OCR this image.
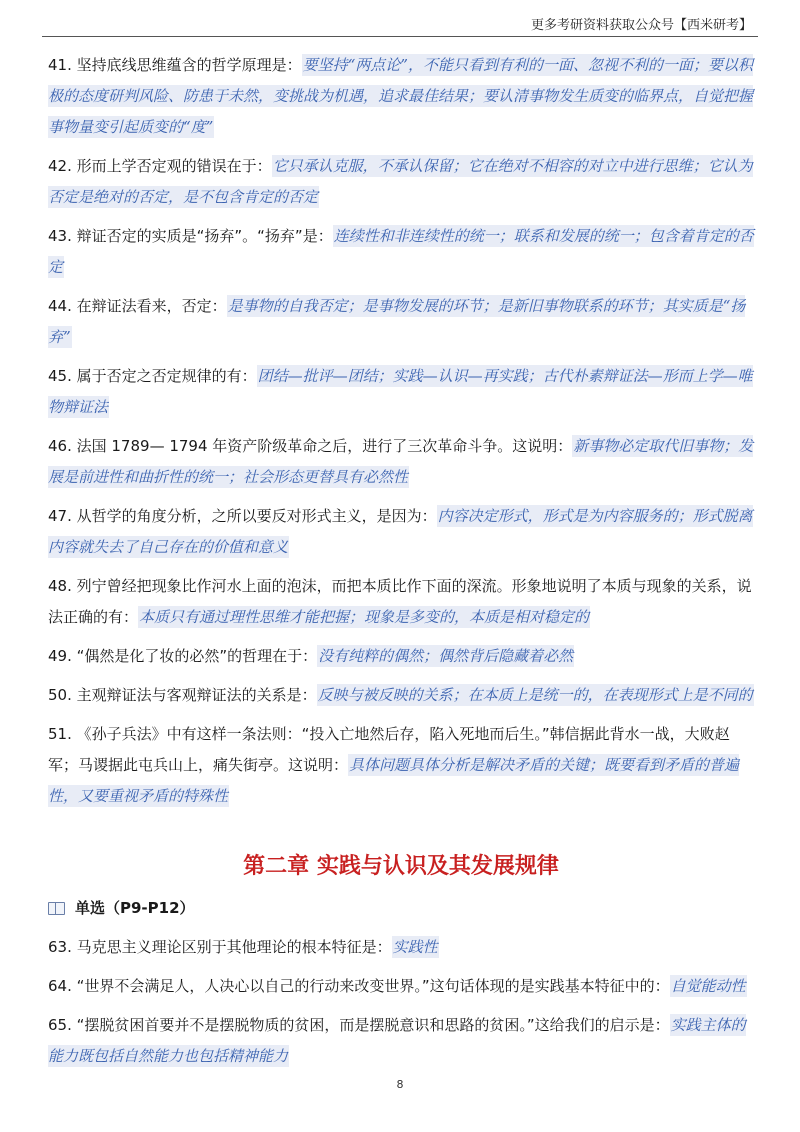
更多考研资料获取公众号【西米研考】
41. 坚持底线思维蕴含的哲学原理是：要坚持“两点论”，不能只看到有利的一面、忽视不利的一面；要以积极的态度研判风险、防患于未然，变挑战为机遇，追求最佳结果；要认清事物发生质变的临界点，自觉把握事物量变引起质变的“度”
42. 形而上学否定观的错误在于：它只承认克服，不承认保留；它在绝对不相容的对立中进行思维；它认为否定是绝对的否定，是不包含肯定的否定
43. 辩证否定的实质是“扬弃”。“扬弃”是：连续性和非连续性的统一；联系和发展的统一；包含着肯定的否定
44. 在辩证法看来，否定：是事物的自我否定；是事物发展的环节；是新旧事物联系的环节；其实质是“扬弃”
45. 属于否定之否定规律的有：团结—批评—团结；实践—认识—再实践；古代朴素辩证法—形而上学—唯物辩证法
46. 法国 1789— 1794 年资产阶级革命之后，进行了三次革命斗争。这说明：新事物必定取代旧事物；发展是前进性和曲折性的统一；社会形态更替具有必然性
47. 从哲学的角度分析，之所以要反对形式主义，是因为：内容决定形式，形式是为内容服务的；形式脱离内容就失去了自己存在的价值和意义
48. 列宁曾经把现象比作河水上面的泡沫，而把本质比作下面的深流。形象地说明了本质与现象的关系，说法正确的有：本质只有通过理性思维才能把握；现象是多变的，本质是相对稳定的
49. “偶然是化了妆的必然”的哲理在于：没有纯粹的偶然；偶然背后隐藏着必然
50. 主观辩证法与客观辩证法的关系是：反映与被反映的关系；在本质上是统一的，在表现形式上是不同的
51. 《孙子兵法》中有这样一条法则：“投入亡地然后存，陷入死地而后生。”韩信据此背水一战，大败赵军；马谡据此屯兵山上，痛失街亭。这说明：具体问题具体分析是解决矛盾的关键；既要看到矛盾的普遍性，又要重视矛盾的特殊性
第二章 实践与认识及其发展规律
单选（P9-P12）
63. 马克思主义理论区别于其他理论的根本特征是：实践性
64. “世界不会满足人，人决心以自己的行动来改变世界。”这句话体现的是实践基本特征中的：自觉能动性
65. “摆脱贫困首要并不是摆脱物质的贫困，而是摆脱意识和思路的贫困。”这给我们的启示是：实践主体的能力既包括自然能力也包括精神能力
8
